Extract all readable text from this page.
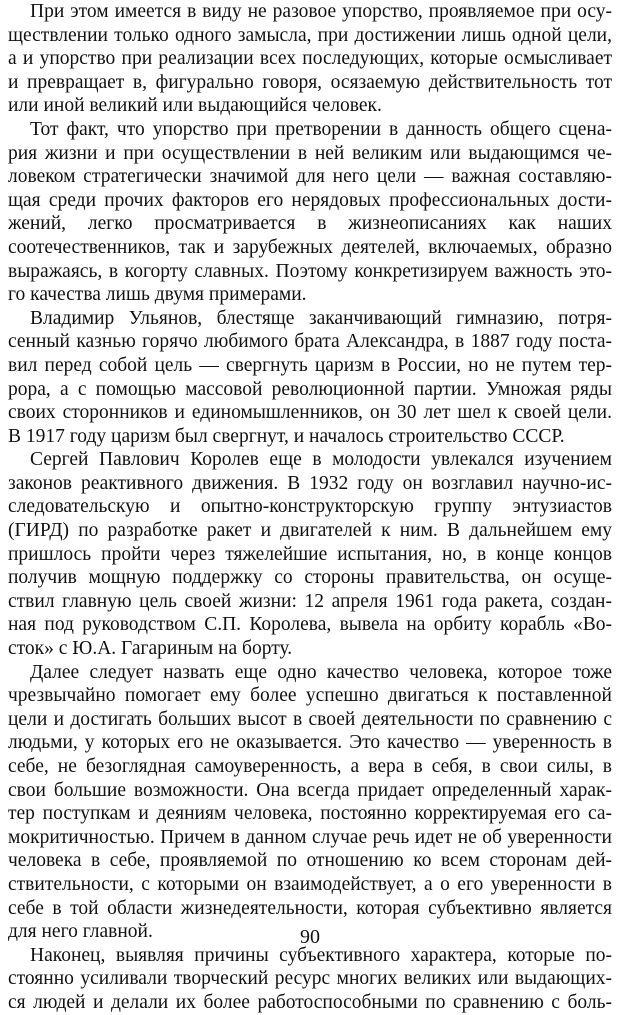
При этом имеется в виду не разовое упорство, проявляемое при осу-
ществлении только одного замысла, при достижении лишь одной цели,
а и упорство при реализации всех последующих, которые осмысливает
и превращает в, фигурально говоря, осязаемую действительность тот
или иной великий или выдающийся человек.
Тот факт, что упорство при претворении в данность общего сцена-
рия жизни и при осуществлении в ней великим или выдающимся че-
ловеком стратегически значимой для него цели — важная составляю-
щая среди прочих факторов его нерядовых профессиональных дости-
жений, легко просматривается в жизнеописаниях как наших
соотечественников, так и зарубежных деятелей, включаемых, образно
выражаясь, в когорту славных. Поэтому конкретизируем важность это-
го качества лишь двумя примерами.
Владимир Ульянов, блестяще заканчивающий гимназию, потря-
сенный казнью горячо любимого брата Александра, в 1887 году поста-
вил перед собой цель — свергнуть царизм в России, но не путем тер-
рора, а с помощью массовой революционной партии. Умножая ряды
своих сторонников и единомышленников, он 30 лет шел к своей цели.
В 1917 году царизм был свергнут, и началось строительство СССР.
Сергей Павлович Королев еще в молодости увлекался изучением
законов реактивного движения. В 1932 году он возглавил научно-ис-
следовательскую и опытно-конструкторскую группу энтузиастов
(ГИРД) по разработке ракет и двигателей к ним. В дальнейшем ему
пришлось пройти через тяжелейшие испытания, но, в конце концов
получив мощную поддержку со стороны правительства, он осуще-
ствил главную цель своей жизни: 12 апреля 1961 года ракета, создан-
ная под руководством С.П. Королева, вывела на орбиту корабль «Во-
сток» с Ю.А. Гагариным на борту.
Далее следует назвать еще одно качество человека, которое тоже
чрезвычайно помогает ему более успешно двигаться к поставленной
цели и достигать больших высот в своей деятельности по сравнению с
людьми, у которых его не оказывается. Это качество — уверенность в
себе, не безоглядная самоуверенность, а вера в себя, в свои силы, в
свои большие возможности. Она всегда придает определенный харак-
тер поступкам и деяниям человека, постоянно корректируемая его са-
мокритичностью. Причем в данном случае речь идет не об уверенности
человека в себе, проявляемой по отношению ко всем сторонам дей-
ствительности, с которыми он взаимодействует, а о его уверенности в
себе в той области жизнедеятельности, которая субъективно является
для него главной.
Наконец, выявляя причины субъективного характера, которые по-
стоянно усиливали творческий ресурс многих великих или выдающих-
ся людей и делали их более работоспособными по сравнению с боль-
90
